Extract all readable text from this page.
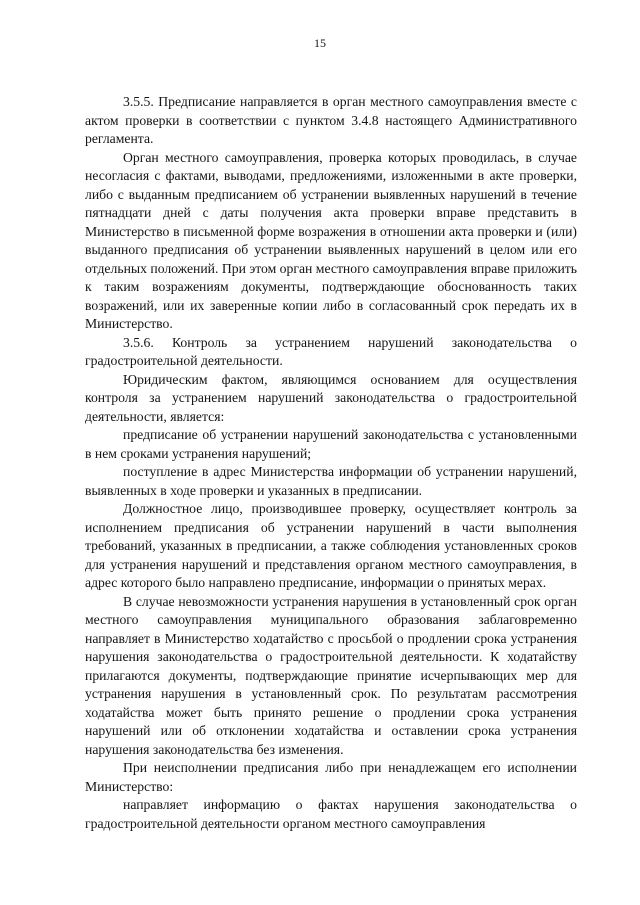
15

3.5.5. Предписание направляется в орган местного самоуправления вместе с актом проверки в соответствии с пунктом 3.4.8 настоящего Административного регламента.

Орган местного самоуправления, проверка которых проводилась, в случае несогласия с фактами, выводами, предложениями, изложенными в акте проверки, либо с выданным предписанием об устранении выявленных нарушений в течение пятнадцати дней с даты получения акта проверки вправе представить в Министерство в письменной форме возражения в отношении акта проверки и (или) выданного предписания об устранении выявленных нарушений в целом или его отдельных положений. При этом орган местного самоуправления вправе приложить к таким возражениям документы, подтверждающие обоснованность таких возражений, или их заверенные копии либо в согласованный срок передать их в Министерство.

3.5.6. Контроль за устранением нарушений законодательства о градостроительной деятельности.

Юридическим фактом, являющимся основанием для осуществления контроля за устранением нарушений законодательства о градостроительной деятельности, является:

предписание об устранении нарушений законодательства с установленными в нем сроками устранения нарушений;

поступление в адрес Министерства информации об устранении нарушений, выявленных в ходе проверки и указанных в предписании.

Должностное лицо, производившее проверку, осуществляет контроль за исполнением предписания об устранении нарушений в части выполнения требований, указанных в предписании, а также соблюдения установленных сроков для устранения нарушений и представления органом местного самоуправления, в адрес которого было направлено предписание, информации о принятых мерах.

В случае невозможности устранения нарушения в установленный срок орган местного самоуправления муниципального образования заблаговременно направляет в Министерство ходатайство с просьбой о продлении срока устранения нарушения законодательства о градостроительной деятельности. К ходатайству прилагаются документы, подтверждающие принятие исчерпывающих мер для устранения нарушения в установленный срок. По результатам рассмотрения ходатайства может быть принято решение о продлении срока устранения нарушений или об отклонении ходатайства и оставлении срока устранения нарушения законодательства без изменения.

При неисполнении предписания либо при ненадлежащем его исполнении Министерство:

направляет информацию о фактах нарушения законодательства о градостроительной деятельности органом местного самоуправления
